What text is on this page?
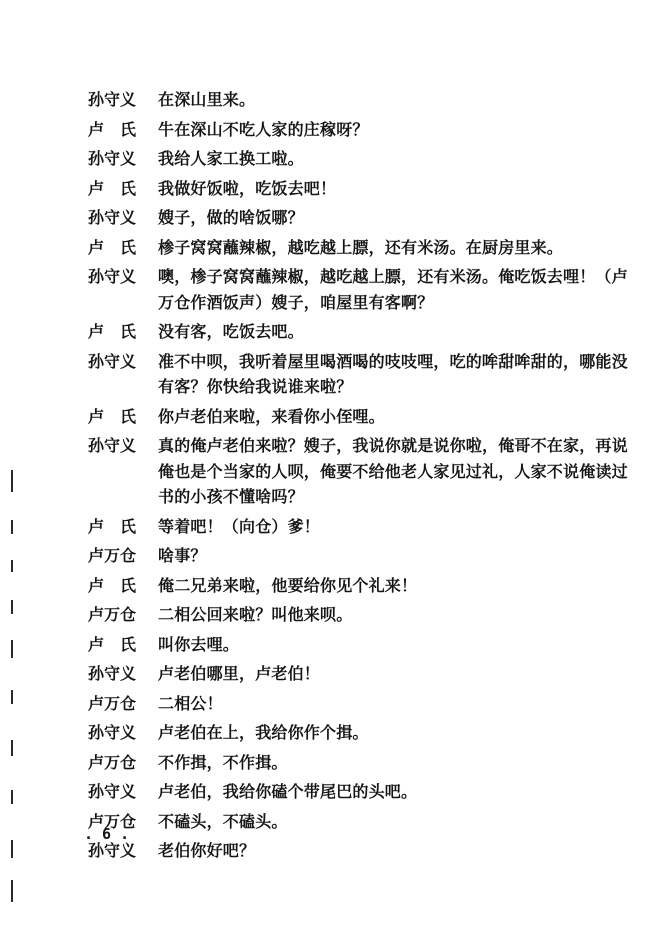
孙守义	在深山里来。
卢　氏	牛在深山不吃人家的庄稼呀？
孙守义	我给人家工换工啦。
卢　氏	我做好饭啦，吃饭去吧！
孙守义	嫂子，做的啥饭哪？
卢　氏	椮子窝窝蘸辣椒，越吃越上膘，还有米汤。在厨房里来。
孙守义	噢，椮子窝窝蘸辣椒，越吃越上膘，还有米汤。俺吃饭去哩！（卢万仓作酒饭声）嫂子，咱屋里有客啊？
卢　氏	没有客，吃饭去吧。
孙守义	准不中呗，我听着屋里喝酒喝的吱吱哩，吃的哞甜哞甜的，哪能没有客？你快给我说谁来啦？
卢　氏	你卢老伯来啦，来看你小侄哩。
孙守义	真的俺卢老伯来啦？嫂子，我说你就是说你啦，俺哥不在家，再说俺也是个当家的人呗，俺要不给他老人家见过礼，人家不说俺读过书的小孩不懂啥吗？
卢　氏	等着吧！（向仓）爹！
卢万仓	啥事？
卢　氏	俺二兄弟来啦，他要给你见个礼来！
卢万仓	二相公回来啦？叫他来呗。
卢　氏	叫你去哩。
孙守义	卢老伯哪里，卢老伯！
卢万仓	二相公！
孙守义	卢老伯在上，我给你作个揖。
卢万仓	不作揖，不作揖。
孙守义	卢老伯，我给你磕个带尾巴的头吧。
卢万仓	不磕头，不磕头。
孙守义	老伯你好吧？
. 6 .
